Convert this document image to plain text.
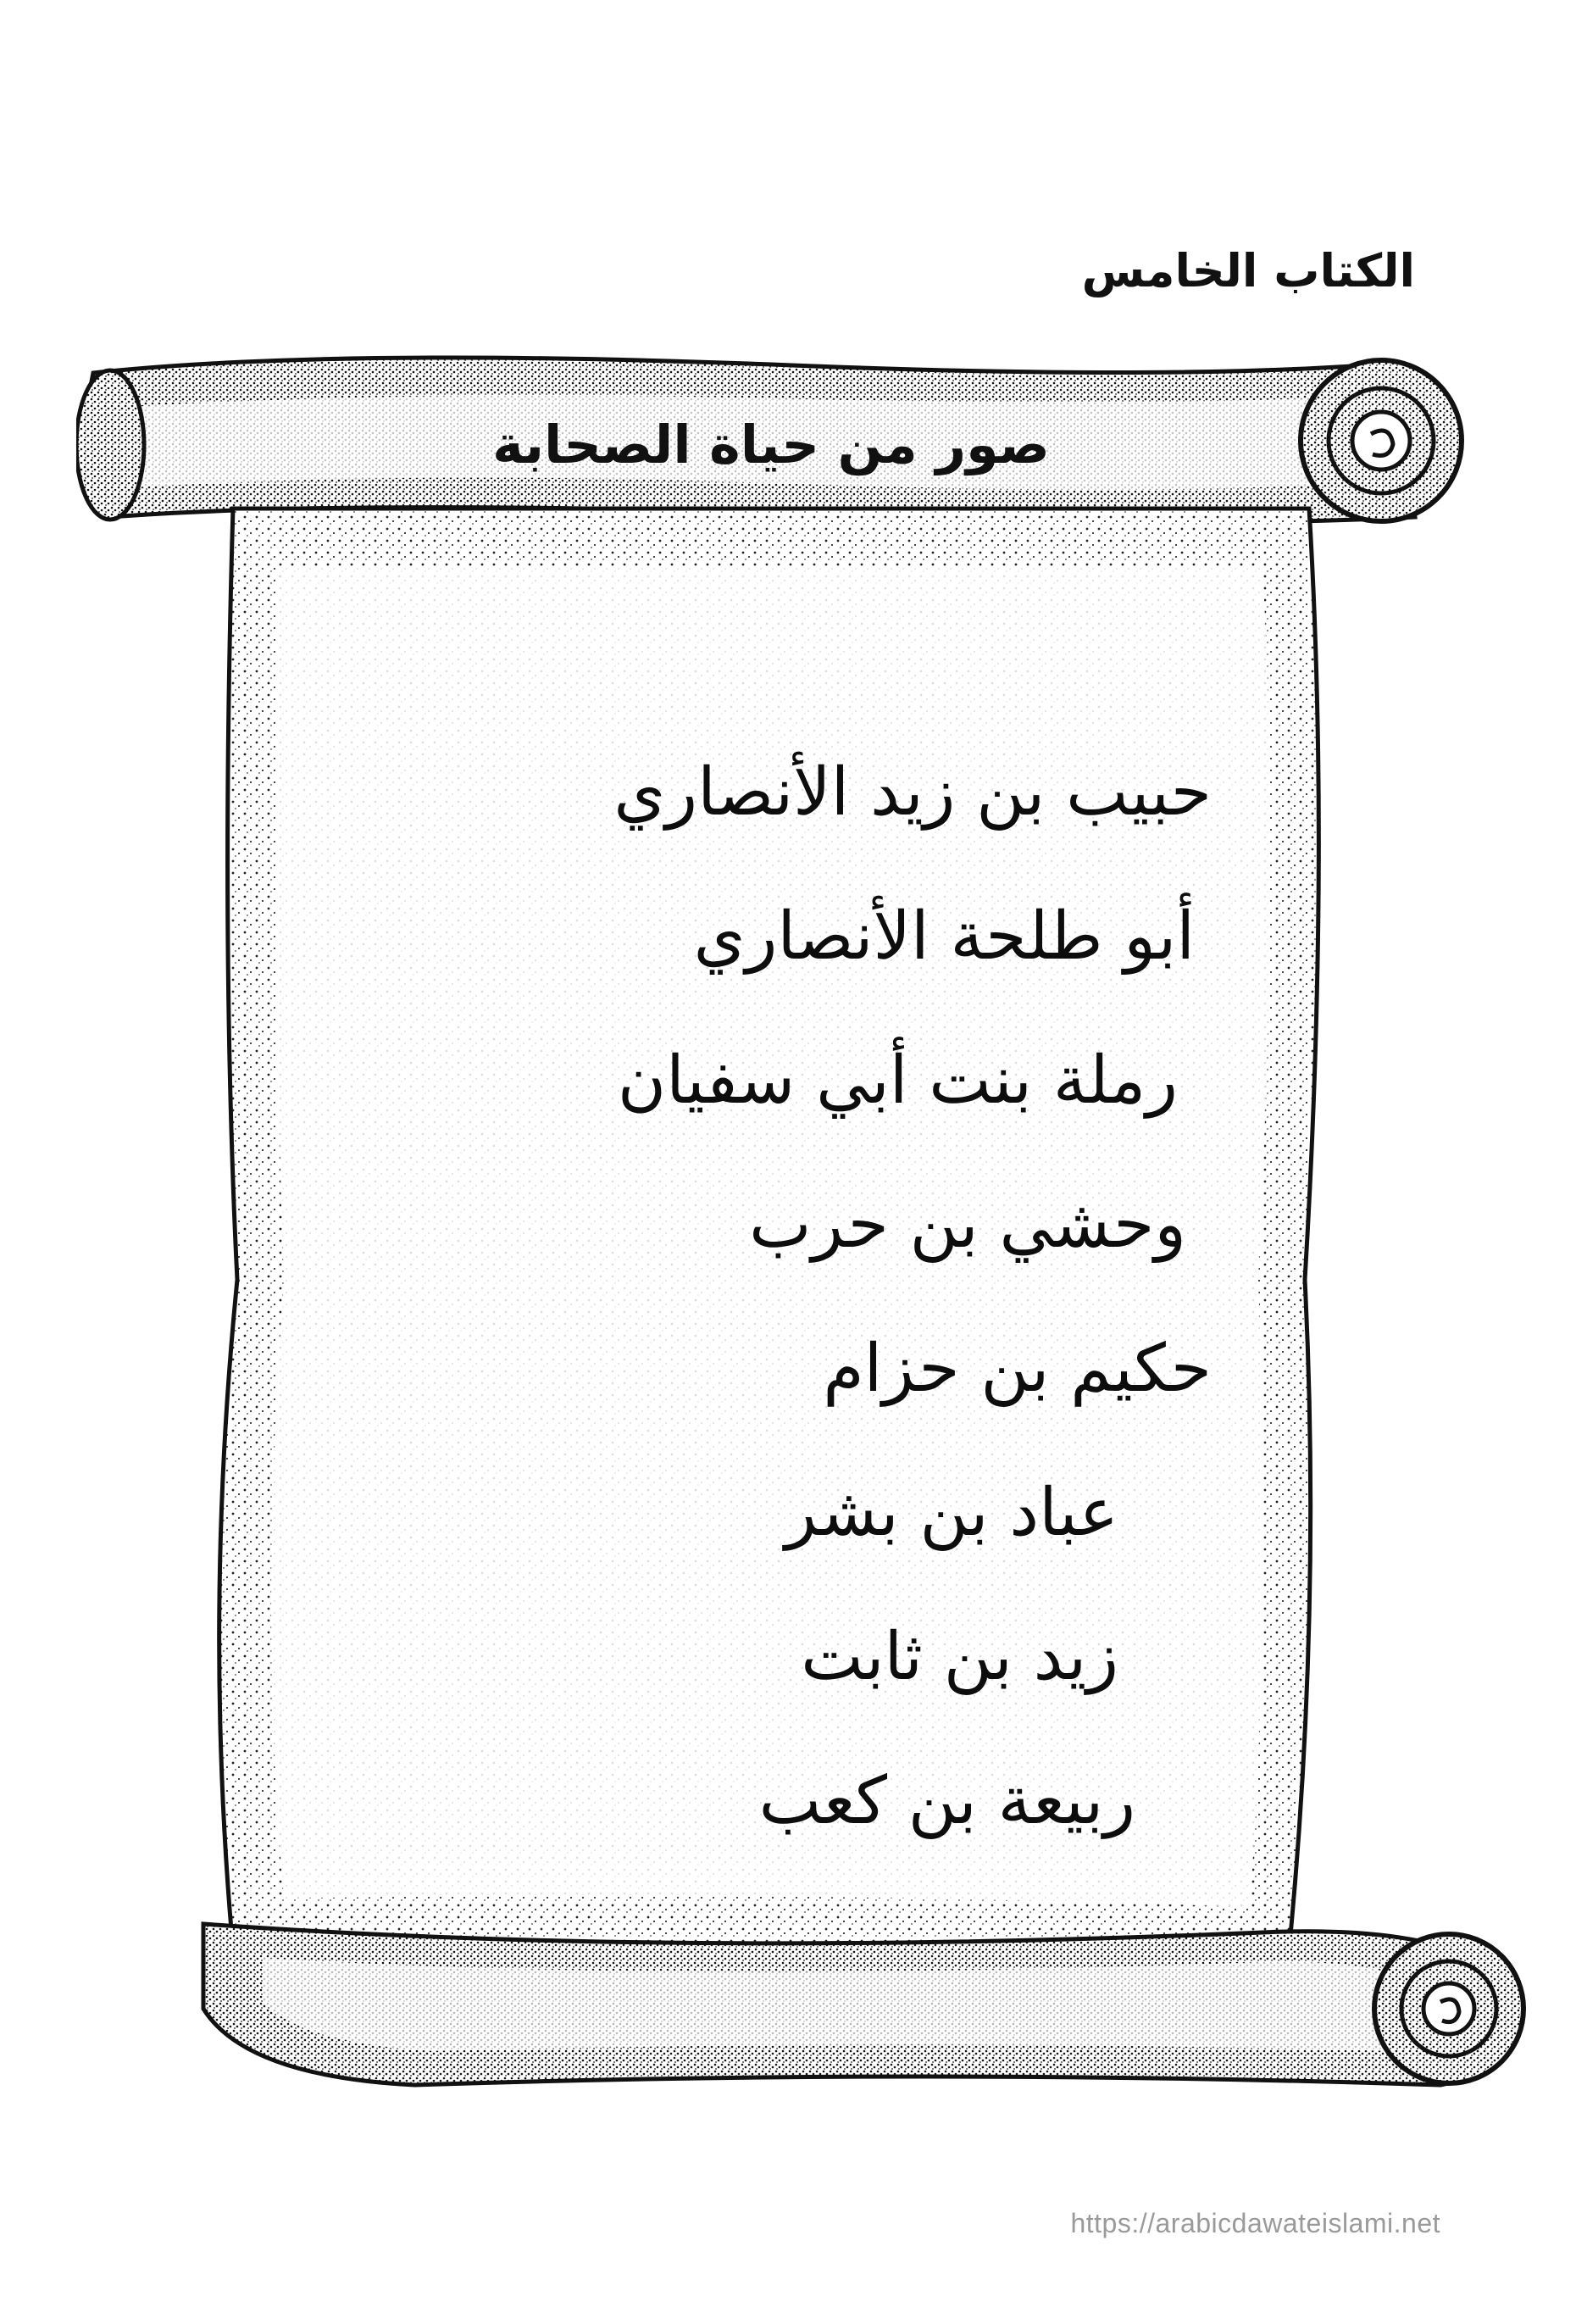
الكتاب الخامس
صور من حياة الصحابة
حبيب بن زيد الأنصاري
أبو طلحة الأنصاري
رملة بنت أبي سفيان
وحشي بن حرب
حكيم بن حزام
عباد بن بشر
زيد بن ثابت
ربيعة بن كعب
https://arabicdawateislami.net
